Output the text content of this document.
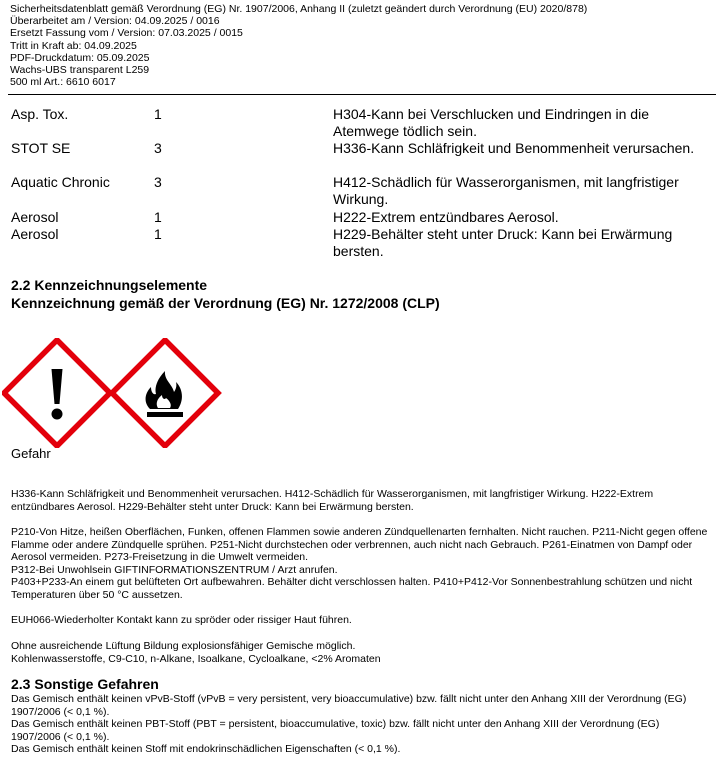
Sicherheitsdatenblatt gemäß Verordnung (EG) Nr. 1907/2006, Anhang II (zuletzt geändert durch Verordnung (EU) 2020/878)
Überarbeitet am / Version: 04.09.2025 / 0016
Ersetzt Fassung vom / Version: 07.03.2025 / 0015
Tritt in Kraft ab: 04.09.2025
PDF-Druckdatum: 05.09.2025
Wachs-UBS transparent L259
500 ml Art.: 6610 6017
Asp. Tox.	1	H304-Kann bei Verschlucken und Eindringen in die Atemwege tödlich sein.
STOT SE	3	H336-Kann Schläfrigkeit und Benommenheit verursachen.
Aquatic Chronic	3	H412-Schädlich für Wasserorganismen, mit langfristiger Wirkung.
Aerosol	1	H222-Extrem entzündbares Aerosol.
Aerosol	1	H229-Behälter steht unter Druck: Kann bei Erwärmung bersten.
2.2 Kennzeichnungselemente
Kennzeichnung gemäß der Verordnung (EG) Nr. 1272/2008 (CLP)
Gefahr
H336-Kann Schläfrigkeit und Benommenheit verursachen. H412-Schädlich für Wasserorganismen, mit langfristiger Wirkung. H222-Extrem entzündbares Aerosol. H229-Behälter steht unter Druck: Kann bei Erwärmung bersten.
P210-Von Hitze, heißen Oberflächen, Funken, offenen Flammen sowie anderen Zündquellenarten fernhalten. Nicht rauchen. P211-Nicht gegen offene Flamme oder andere Zündquelle sprühen. P251-Nicht durchstechen oder verbrennen, auch nicht nach Gebrauch. P261-Einatmen von Dampf oder Aerosol vermeiden. P273-Freisetzung in die Umwelt vermeiden.
P312-Bei Unwohlsein GIFTINFORMATIONSZENTRUM / Arzt anrufen.
P403+P233-An einem gut belüfteten Ort aufbewahren. Behälter dicht verschlossen halten. P410+P412-Vor Sonnenbestrahlung schützen und nicht Temperaturen über 50 °C aussetzen.
EUH066-Wiederholter Kontakt kann zu spröder oder rissiger Haut führen.
Ohne ausreichende Lüftung Bildung explosionsfähiger Gemische möglich.
Kohlenwasserstoffe, C9-C10, n-Alkane, Isoalkane, Cycloalkane, <2% Aromaten
2.3 Sonstige Gefahren
Das Gemisch enthält keinen vPvB-Stoff (vPvB = very persistent, very bioaccumulative) bzw. fällt nicht unter den Anhang XIII der Verordnung (EG) 1907/2006 (< 0,1 %).
Das Gemisch enthält keinen PBT-Stoff (PBT = persistent, bioaccumulative, toxic) bzw. fällt nicht unter den Anhang XIII der Verordnung (EG) 1907/2006 (< 0,1 %).
Das Gemisch enthält keinen Stoff mit endokrinschädlichen Eigenschaften (< 0,1 %).
